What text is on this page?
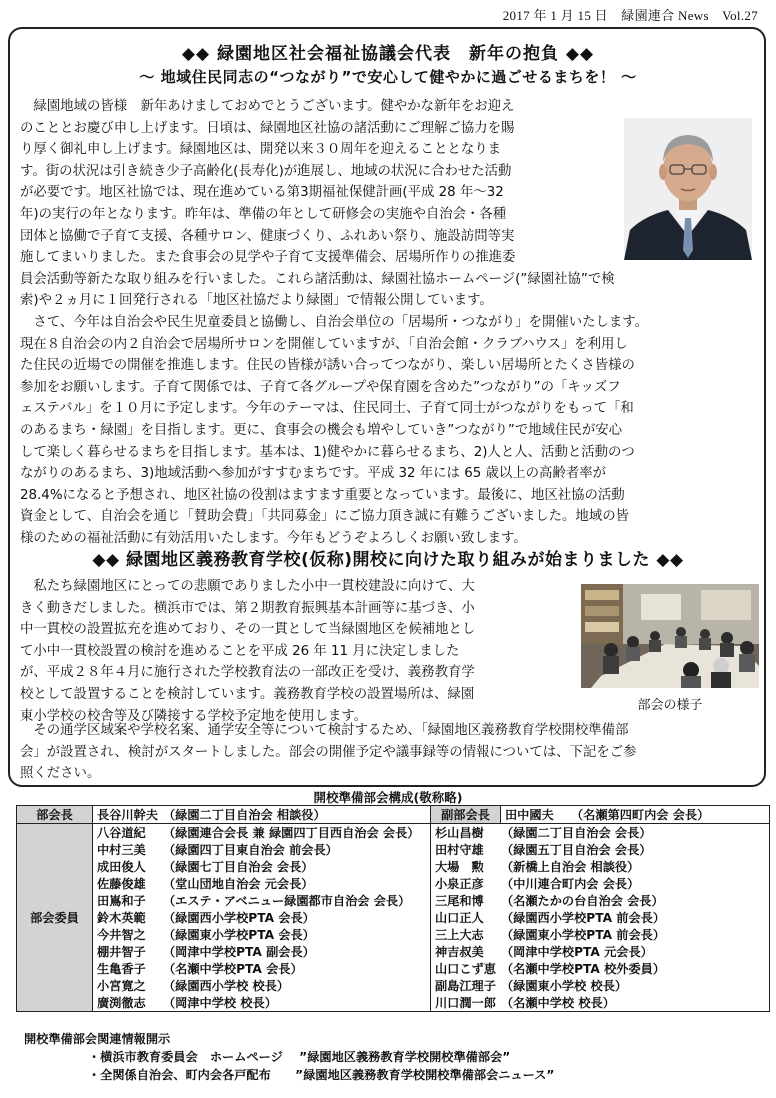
2017 年 1 月 15 日　緑園連合 News　Vol.27
◆◆ 緑園地区社会福祉協議会代表　新年の抱負 ◆◆
～ 地域住民同志の“つながり”で安心して健やかに過ごせるまちを！ ～
緑園地域の皆様　新年あけましておめでとうございます。健やかな新年をお迎え
のこととお慶び申し上げます。日頃は、緑園地区社協の諸活動にご理解ご協力を賜
り厚く御礼申し上げます。緑園地区は、開発以来３０周年を迎えることとなりま
す。街の状況は引き続き少子高齢化(長寿化)が進展し、地域の状況に合わせた活動
が必要です。地区社協では、現在進めている第3期福祉保健計画(平成 28 年～32
年)の実行の年となります。昨年は、準備の年として研修会の実施や自治会・各種
団体と協働で子育て支援、各種サロン、健康づくり、ふれあい祭り、施設訪問等実
施してまいりました。また食事会の見学や子育て支援準備会、居場所作りの推進委
さて、今年は自治会や民生児童委員と協働し、自治会単位の「居場所・つながり」を開催いたします。
現在８自治会の内２自治会で居場所サロンを開催していますが、「自治会館・クラブハウス」を利用し
た住民の近場での開催を推進します。住民の皆様が誘い合ってつながり、楽しい居場所とたくさ皆様の
参加をお願いします。子育て関係では、子育て各グループや保育園を含めた”つながり”の「キッズフ
ェステバル」を１０月に予定します。今年のテーマは、住民同士、子育て同士がつながりをもって「和
のあるまち・緑園」を目指します。更に、食事会の機会も増やしていき”つながり”で地域住民が安心
して楽しく暮らせるまちを目指します。基本は、1)健やかに暮らせるまち、2)人と人、活動と活動のつ
ながりのあるまち、3)地域活動へ参加がすすむまちです。平成 32 年には 65 歳以上の高齢者率が
28.4%になると予想され、地区社協の役割はますます重要となっています。最後に、地区社協の活動
資金として、自治会を通じ「賛助会費」「共同募金」にご協力頂き誠に有難うございました。地域の皆
様のための福祉活動に有効活用いたします。今年もどうぞよろしくお願い致します。
◆◆ 緑園地区義務教育学校(仮称)開校に向けた取り組みが始まりました ◆◆
私たち緑園地区にとっての悲願でありました小中一貫校建設に向けて、大
きく動きだしました。横浜市では、第２期教育振興基本計画等に基づき、小
中一貫校の設置拡充を進めており、その一貫として当緑園地区を候補地とし
て小中一貫校設置の検討を進めることを平成 26 年 11 月に決定しました
が、平成２８年４月に施行された学校教育法の一部改正を受け、義務教育学
校として設置することを検討しています。義務教育学校の設置場所は、緑園
東小学校の校舎等及び隣接する学校予定地を使用します。
部会の様子
その通学区域案や学校名案、通学安全等について検討するため、「緑園地区義務教育学校開校準備部
会」が設置され、検討がスタートしました。部会の開催予定や議事録等の情報については、下記をご参
照ください。
開校準備部会構成(敬称略)
部会長	長谷川幹夫 （緑園二丁目自治会 相談役）	副部会長	田中國夫 （名瀬第四町内会 会長）
部会委員	八谷道紀 （緑園連合会長 兼 緑園四丁目西自治会 会長）	杉山昌樹 （緑園二丁目自治会 会長）	
	中村三美 （緑園四丁目東自治会 前会長）	田村守雄 （緑園五丁目自治会 会長）	
	成田俊人 （緑園七丁目自治会 会長）	大場　勲 （新橋上自治会 相談役）	
	佐藤俊雄 （堂山団地自治会 元会長）	小泉正彦 （中川連合町内会 会長）	
	田嶌和子 （エステ・アベニュー緑園都市自治会 会長）	三尾和博 （名瀬たかの台自治会 会長）	
	鈴木英範 （緑園西小学校PTA 会長）	山口正人 （緑園西小学校PTA 前会長）	
	今井智之 （緑園東小学校PTA 会長）	三上大志 （緑園東小学校PTA 前会長）	
	棚井智子 （岡津中学校PTA 副会長）	神吉叔美 （岡津中学校PTA 元会長）	
	生亀香子 （名瀬中学校PTA 会長）	山口こず恵 （名瀬中学校PTA 校外委員）	
	小宮寛之 （緑園西小学校 校長）	副島江理子 （緑園東小学校 校長）	
	廣渕徹志 （岡津中学校 校長）	川口潤一郎 （名瀬中学校 校長）	
開校準備部会関連情報開示
・横浜市教育委員会　ホームページ　 ”緑園地区義務教育学校開校準備部会”
・全関係自治会、町内会各戸配布　　”緑園地区義務教育学校開校準備部会ニュース”
員会活動等新たな取り組みを行いました。これら諸活動は、緑園社協ホームページ(”緑園社協”で検
索)や２ヵ月に１回発行される「地区社協だより緑園」で情報公開しています。
